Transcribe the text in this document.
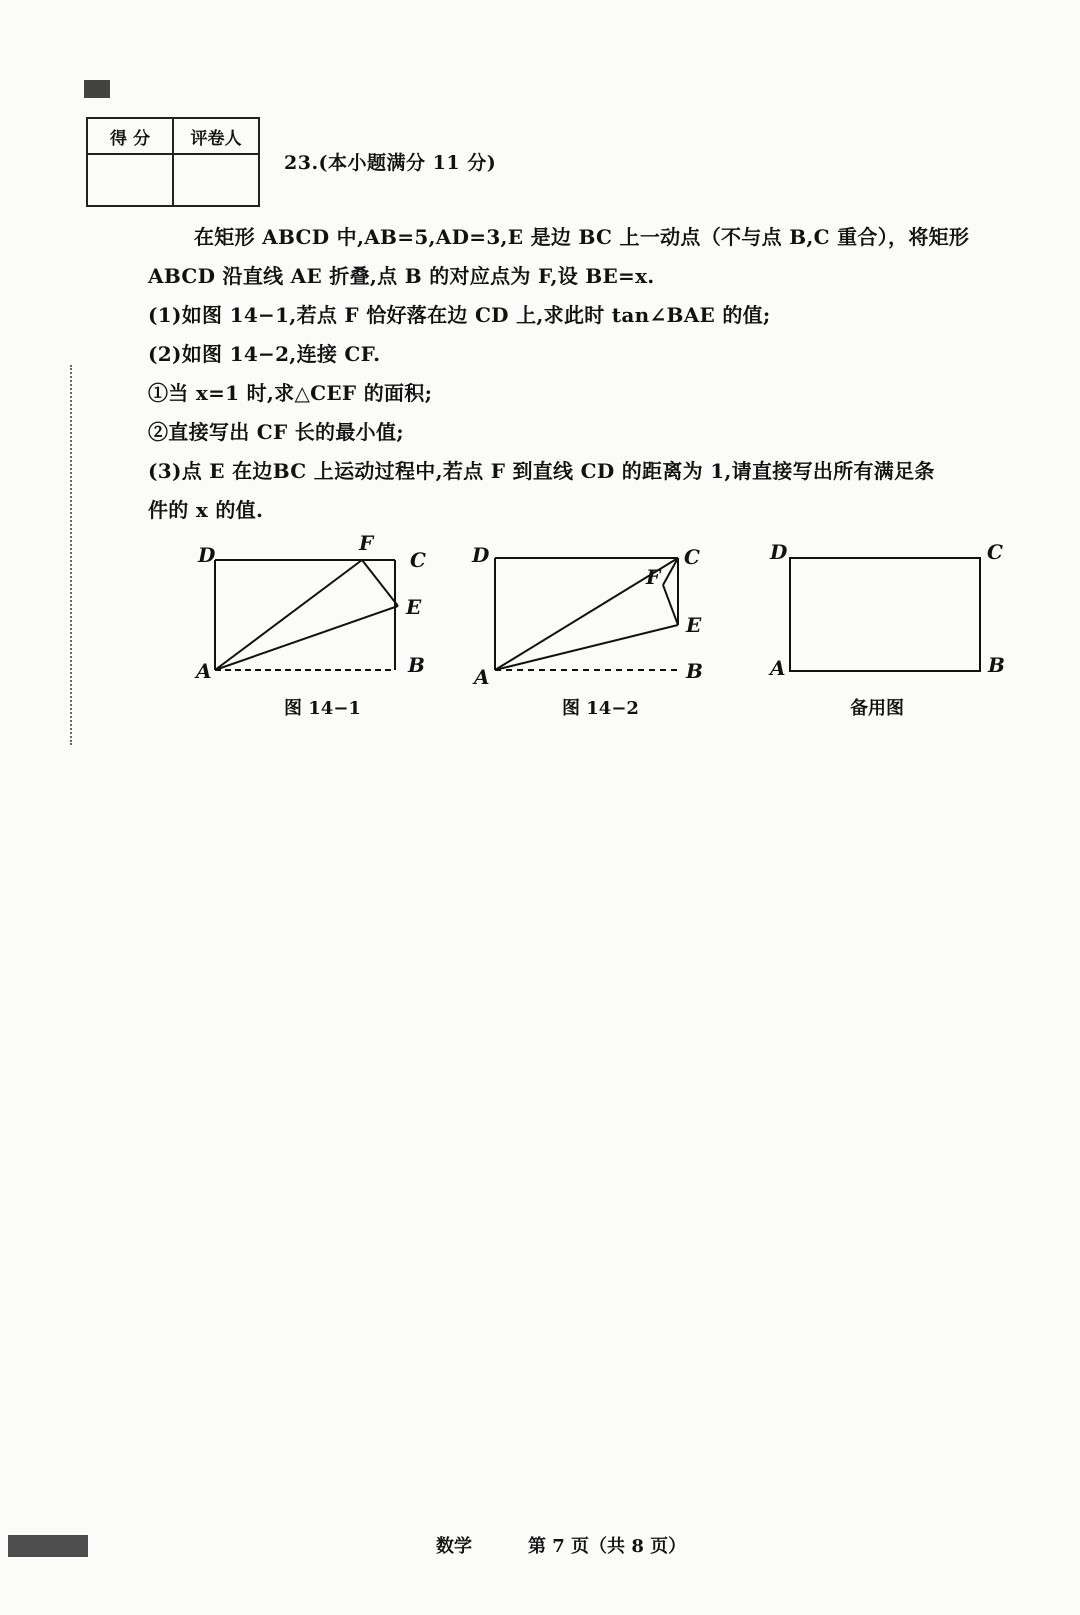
得 分	评卷人

23.(本小题满分 11 分)
在矩形 ABCD 中,AB=5,AD=3,E 是边 BC 上一动点（不与点 B,C 重合），将矩形
ABCD 沿直线 AE 折叠,点 B 的对应点为 F,设 BE=x.
(1)如图 14−1,若点 F 恰好落在边 CD 上,求此时 tan∠BAE 的值;
(2)如图 14−2,连接 CF.
①当 x=1 时,求△CEF 的面积;
②直接写出 CF 长的最小值;
(3)点 E 在边BC 上运动过程中,若点 F 到直线 CD 的距离为 1,请直接写出所有满足条
件的 x 的值.
D	F
C
E
A	B
D
F
C
E
A	B
D	C
A	B
图 14−1	图 14−2	备用图
数学	第 7 页（共 8 页）
